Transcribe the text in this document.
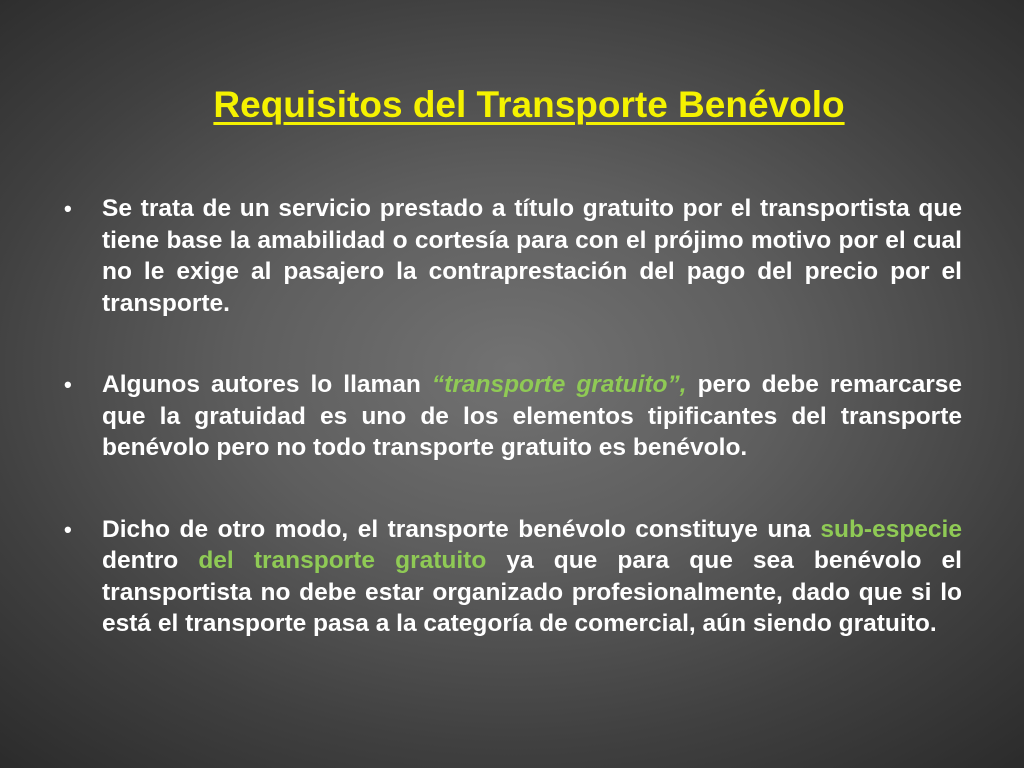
Requisitos del Transporte Benévolo
• Se trata de un servicio prestado a título gratuito por el transportista que tiene base la amabilidad o cortesía para con el prójimo motivo por el cual no le exige al pasajero la contraprestación del pago del precio por el transporte.
• Algunos autores lo llaman “transporte gratuito”, pero debe remarcarse que la gratuidad es uno de los elementos tipificantes del transporte benévolo pero no todo transporte gratuito es benévolo.
• Dicho de otro modo, el transporte benévolo constituye una sub-especie dentro del transporte gratuito ya que para que sea benévolo el transportista no debe estar organizado profesionalmente, dado que si lo está el transporte pasa a la categoría de comercial, aún siendo gratuito.
